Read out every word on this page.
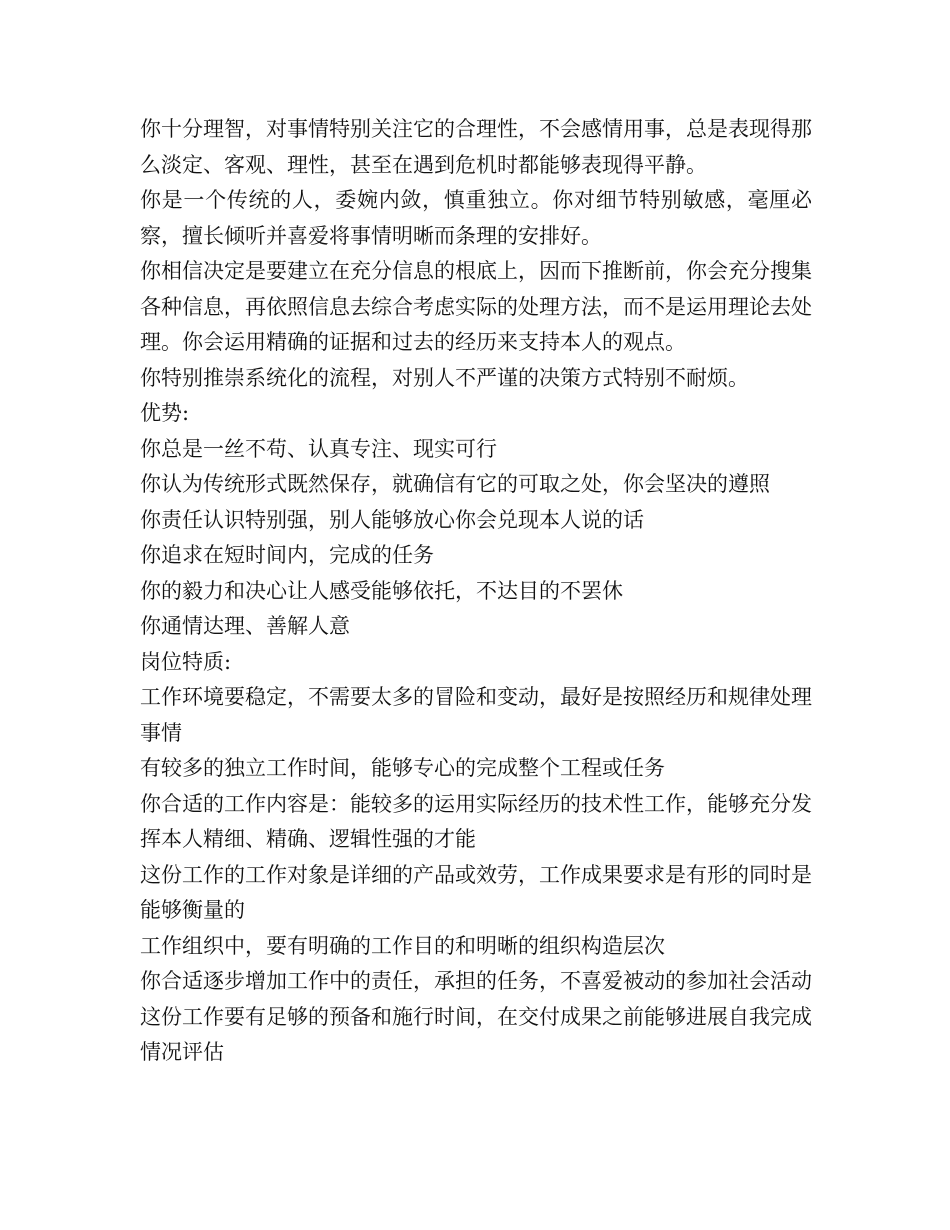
你十分理智，对事情特别关注它的合理性，不会感情用事，总是表现得那么淡定、客观、理性，甚至在遇到危机时都能够表现得平静。

你是一个传统的人，委婉内敛，慎重独立。你对细节特别敏感，毫厘必察，擅长倾听并喜爱将事情明晰而条理的安排好。

你相信决定是要建立在充分信息的根底上，因而下推断前，你会充分搜集各种信息，再依照信息去综合考虑实际的处理方法，而不是运用理论去处理。你会运用精确的证据和过去的经历来支持本人的观点。

你特别推崇系统化的流程，对别人不严谨的决策方式特别不耐烦。

优势:

你总是一丝不苟、认真专注、现实可行

你认为传统形式既然保存，就确信有它的可取之处，你会坚决的遵照

你责任认识特别强，别人能够放心你会兑现本人说的话

你追求在短时间内，完成的任务

你的毅力和决心让人感受能够依托，不达目的不罢休

你通情达理、善解人意

岗位特质:

工作环境要稳定，不需要太多的冒险和变动，最好是按照经历和规律处理事情

有较多的独立工作时间，能够专心的完成整个工程或任务

你合适的工作内容是：能较多的运用实际经历的技术性工作，能够充分发挥本人精细、精确、逻辑性强的才能

这份工作的工作对象是详细的产品或效劳，工作成果要求是有形的同时是能够衡量的

工作组织中，要有明确的工作目的和明晰的组织构造层次

你合适逐步增加工作中的责任，承担的任务，不喜爱被动的参加社会活动

这份工作要有足够的预备和施行时间，在交付成果之前能够进展自我完成情况评估
